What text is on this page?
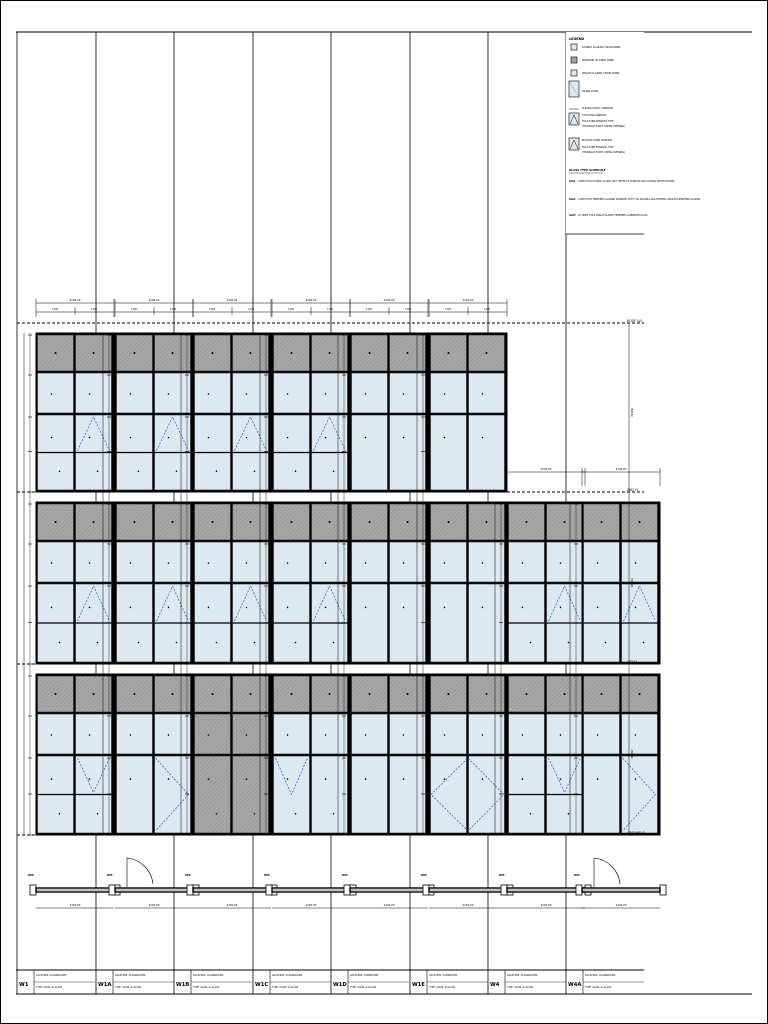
2200.00
1100	1100
INT.
2200.00
2200.00
1100	1100
INT.
2200.00
2200.00
1100	1100
INT.
2200.00
2200.00
1100	1100
INT.
2200.00
2200.00
1100	1100
INT.
2200.00
2200.00
1100	1100
INT.
2200.00
2200.00
INT.
2200.00
2200.00
INT.
2200.00
ROOF LVL
2ND FL
1ST FL
GROUND FL
3500.00
3500.00
3500.00
LEGEND
DOUBLE GLAZING VISION PANEL
SPANDREL GLAZING PANEL
SINGLE GLAZING VISION PANEL
SWING DOOR
SLIDING DOOR / WINDOW
TOP HUNG WINDOW
TILT&TURN WINDOW TYPE
(TRIANGLE POINT: SWING OPENING)
BOTTOM HUNG WINDOW
TILT&TURN WINDOW TYPE
(TRIANGLE POINT: SWING OPENING)
GLASS TYPE SCHEDULE
GL01 24MM THICK DOUBLE GLAZED UNIT. REFER TO WINDOW AND GLAZING SPECIFICATIONS
GL02 10MM THICK TEMPERED GLAZING SPANDREL WITH FOIL BACKING AND THERMAL INSULATION BEHIND GLAZING
GL03 10.76MM THICK SINGLE GLAZED TEMPERED LAMINATED GLASS
W1
LOCATION: CLASSROOMS
TYPE: ALUM. & GLASS	W1A
LOCATION: CLASSROOMS
TYPE: ALUM. & GLASS	W1B
LOCATION: CLASSROOMS
TYPE: ALUM. & GLASS	W1C
LOCATION: CLASSROOMS
TYPE: ALUM. & GLASS	W1D
LOCATION: CORRIDORS
TYPE: ALUM. & GLASS	W1E
LOCATION: CORRIDORS
TYPE: ALUM. & GLASS	W4
LOCATION: CLASSROOMS
TYPE: ALUM. & GLASS	W4A
LOCATION: CLASSROOMS
TYPE: ALUM. & GLASS
